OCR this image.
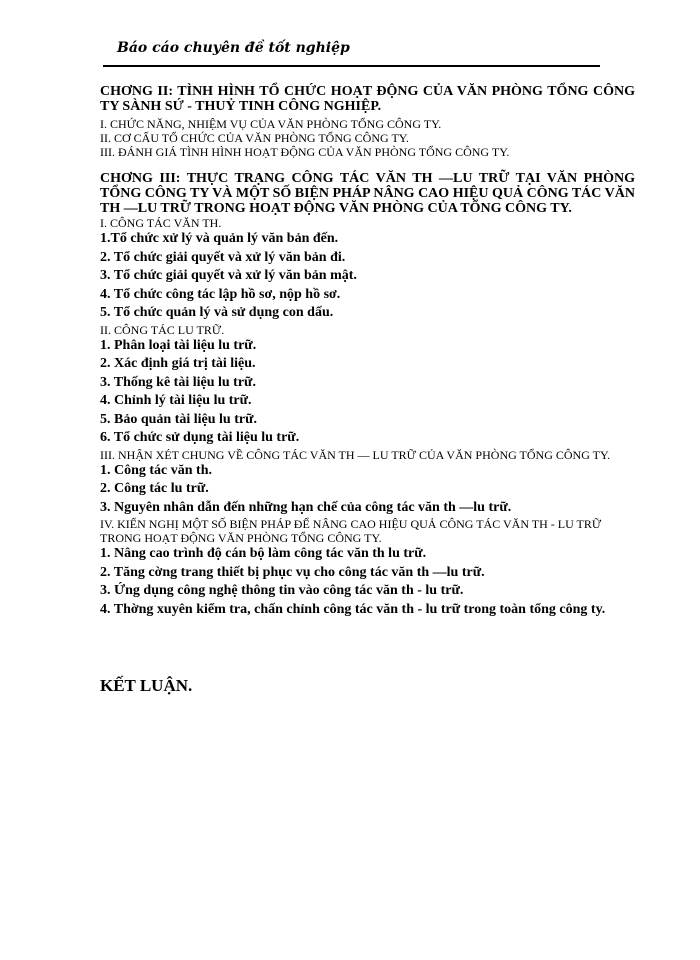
Báo cáo chuyên đề tốt nghiệp
CHƠNG II: TÌNH HÌNH TỔ CHỨC HOẠT ĐỘNG CỦA VĂN PHÒNG TỔNG CÔNG TY SÀNH SỨ - THUỶ TINH CÔNG NGHIỆP.
I. CHỨC NĂNG, NHIỆM VỤ CỦA VĂN PHÒNG TỔNG CÔNG TY.
II. CƠ CẤU TỔ CHỨC CỦA VĂN PHÒNG TỔNG CÔNG TY.
III. ĐÁNH GIÁ TÌNH HÌNH HOẠT ĐỘNG CỦA VĂN PHÒNG TỔNG CÔNG TY.
CHƠNG III: THỰC TRẠNG CÔNG TÁC VĂN TH —LU TRỮ TẠI VĂN PHÒNG TỔNG CÔNG TY VÀ MỘT SỐ BIỆN PHÁP NÂNG CAO HIỆU QUẢ CÔNG TÁC VĂN TH —LU TRỮ TRONG HOẠT ĐỘNG VĂN PHÒNG CỦA TỔNG CÔNG TY.
I. CÔNG TÁC VĂN TH.
1.Tổ chức xử lý và quản lý văn bản đến.
2. Tổ chức giải quyết và xử lý văn bản đi.
3. Tổ chức giải quyết và xử lý văn bản mật.
4. Tổ chức công tác lập hồ sơ, nộp hồ sơ.
5. Tổ chức quản lý và sử dụng con dấu.
II. CÔNG TÁC LU TRỮ.
1. Phân loại tài liệu lu trữ.
2. Xác định giá trị tài liệu.
3. Thống kê tài liệu lu trữ.
4. Chỉnh lý tài liệu lu trữ.
5. Bảo quản tài liệu lu trữ.
6. Tổ chức sử dụng tài liệu lu trữ.
III. NHẬN XÉT CHUNG VỀ CÔNG TÁC VĂN TH — LU TRỮ CỦA VĂN PHÒNG TỔNG CÔNG TY.
1. Công tác văn th.
2. Công tác lu trữ.
3. Nguyên nhân dẫn đến những hạn chế của công tác văn th —lu trữ.
IV. KIẾN NGHỊ MỘT SỐ BIỆN PHÁP ĐỂ NÂNG CAO HIỆU QUẢ CÔNG TÁC VĂN TH - LU TRỮ TRONG HOẠT ĐỘNG VĂN PHÒNG TỔNG CÔNG TY.
1. Nâng cao trình độ cán bộ làm công tác văn th lu trữ.
2. Tăng cờng trang thiết bị phục vụ cho công tác văn th —lu trữ.
3. Ứng dụng công nghệ thông tin vào công tác văn th - lu trữ.
4. Thờng xuyên kiểm tra, chấn chỉnh công tác văn th - lu trữ trong toàn tổng công ty.
KẾT LUẬN.
